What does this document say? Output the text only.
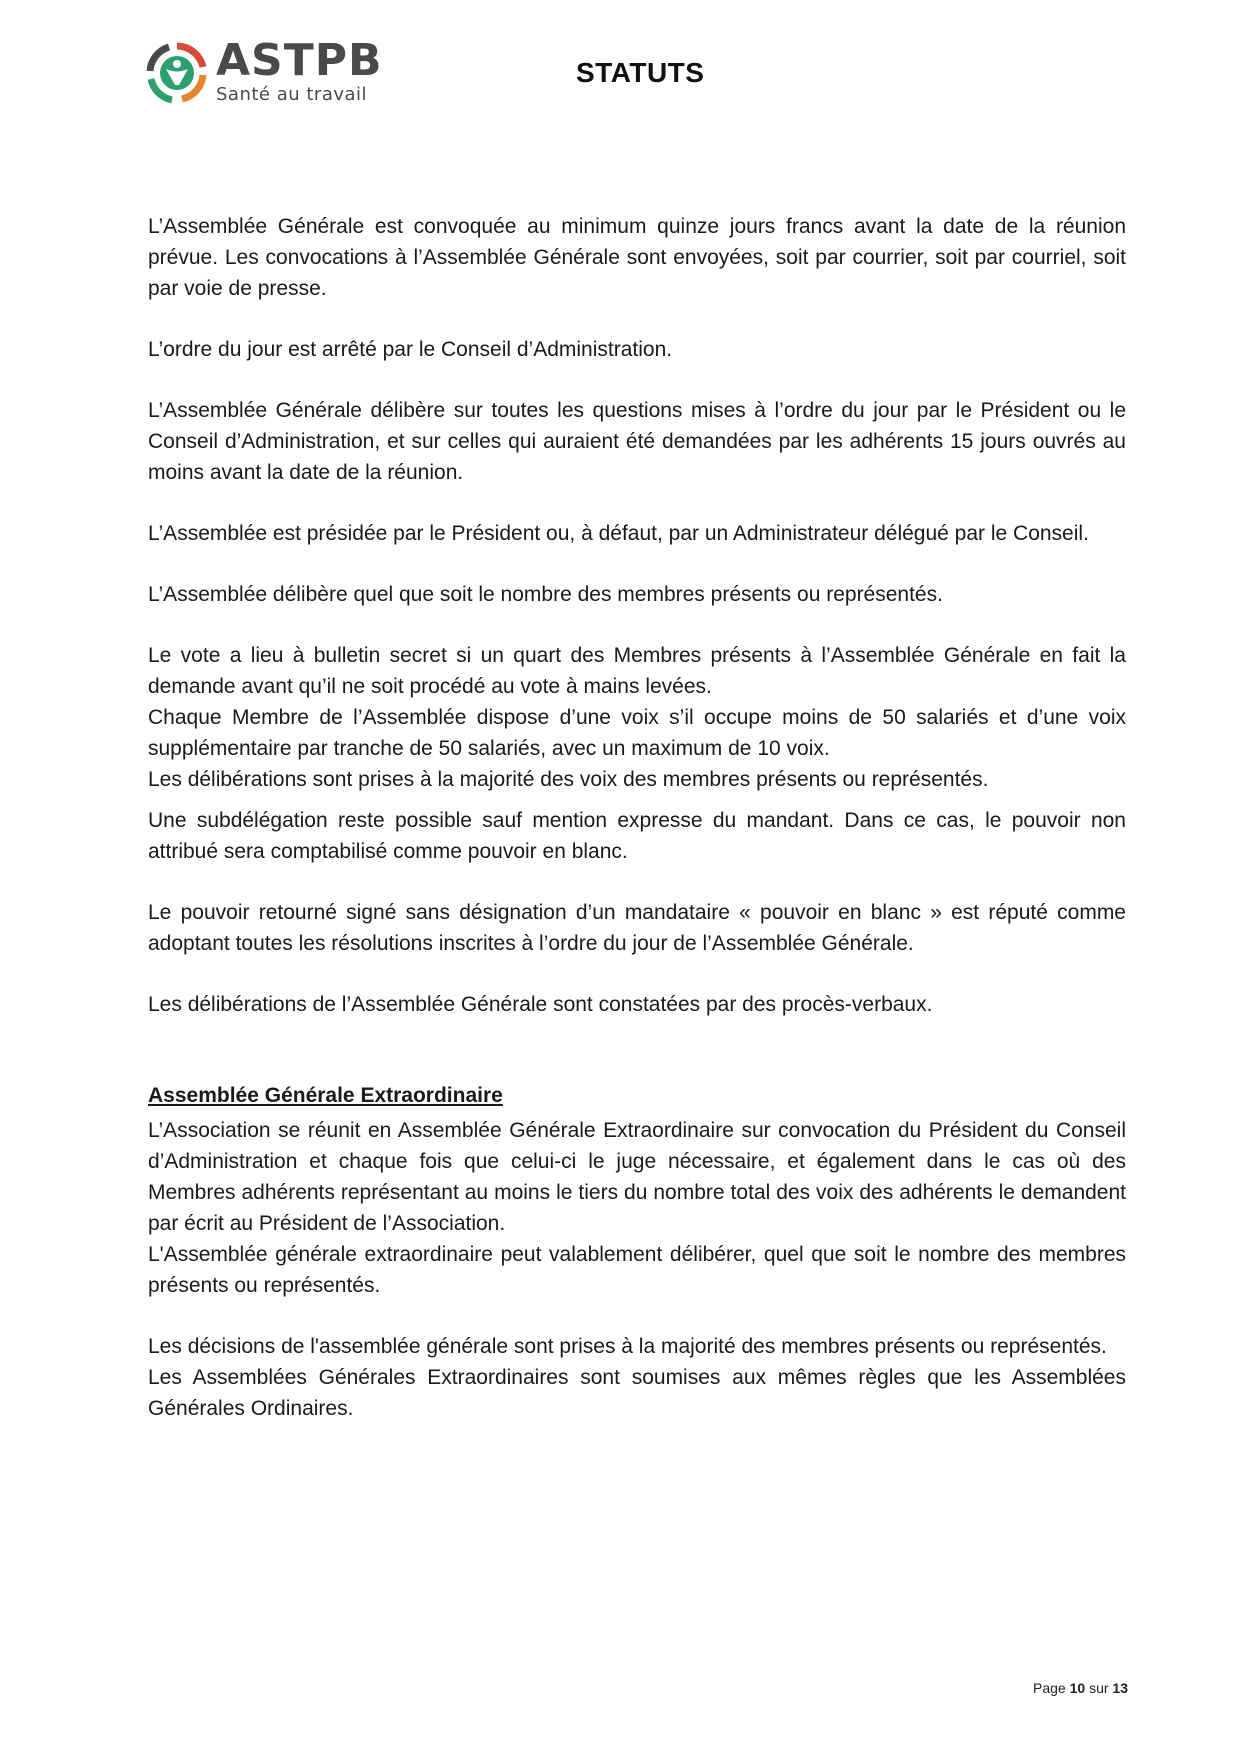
ASTPB
Santé au travail
STATUTS

L’Assemblée Générale est convoquée au minimum quinze jours francs avant la date de la réunion prévue. Les convocations à l’Assemblée Générale sont envoyées, soit par courrier, soit par courriel, soit par voie de presse.

L’ordre du jour est arrêté par le Conseil d’Administration.

L’Assemblée Générale délibère sur toutes les questions mises à l’ordre du jour par le Président ou le Conseil d’Administration, et sur celles qui auraient été demandées par les adhérents 15 jours ouvrés au moins avant la date de la réunion.

L’Assemblée est présidée par le Président ou, à défaut, par un Administrateur délégué par le Conseil.

L’Assemblée délibère quel que soit le nombre des membres présents ou représentés.

Le vote a lieu à bulletin secret si un quart des Membres présents à l’Assemblée Générale en fait la demande avant qu’il ne soit procédé au vote à mains levées.

Chaque Membre de l’Assemblée dispose d’une voix s’il occupe moins de 50 salariés et d’une voix supplémentaire par tranche de 50 salariés, avec un maximum de 10 voix.

Les délibérations sont prises à la majorité des voix des membres présents ou représentés.

Une subdélégation reste possible sauf mention expresse du mandant. Dans ce cas, le pouvoir non attribué sera comptabilisé comme pouvoir en blanc.

Le pouvoir retourné signé sans désignation d’un mandataire « pouvoir en blanc » est réputé comme adoptant toutes les résolutions inscrites à l’ordre du jour de l’Assemblée Générale.

Les délibérations de l’Assemblée Générale sont constatées par des procès-verbaux.

Assemblée Générale Extraordinaire

L’Association se réunit en Assemblée Générale Extraordinaire sur convocation du Président du Conseil d’Administration et chaque fois que celui-ci le juge nécessaire, et également dans le cas où des Membres adhérents représentant au moins le tiers du nombre total des voix des adhérents le demandent par écrit au Président de l’Association.

L'Assemblée générale extraordinaire peut valablement délibérer, quel que soit le nombre des membres présents ou représentés.

Les décisions de l'assemblée générale sont prises à la majorité des membres présents ou représentés.

Les Assemblées Générales Extraordinaires sont soumises aux mêmes règles que les Assemblées Générales Ordinaires.

Page 10 sur 13
